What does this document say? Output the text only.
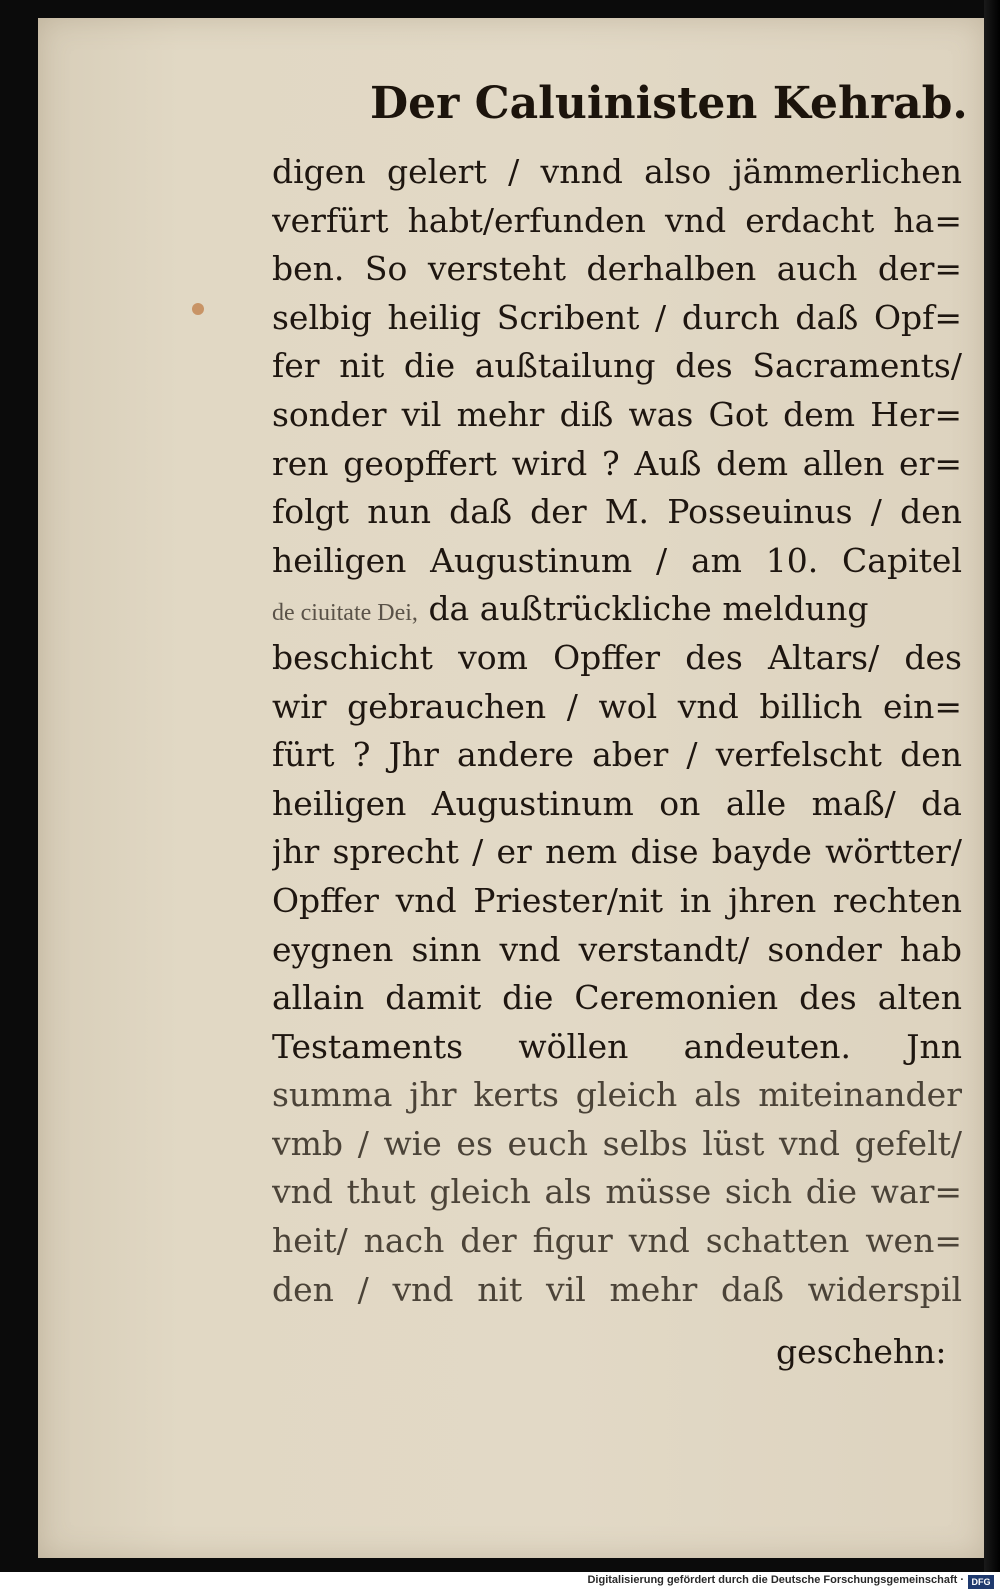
Der Caluinisten Kehrab.
digen gelert / vnnd also jämmerlichen
verfürt habt/erfunden vnd erdacht ha=
ben. So versteht derhalben auch der=
selbig heilig Scribent / durch daß Opf=
fer nit die außtailung des Sacraments/
sonder vil mehr diß was Got dem Her=
ren geopffert wird ? Auß dem allen er=
folgt nun daß der M. Posseuinus / den
heiligen Augustinum / am 10. Capitel
de ciuitate Dei, da außtrückliche meldung
beschicht vom Opffer des Altars/ des
wir gebrauchen / wol vnd billich ein=
fürt ? Jhr andere aber / verfelscht den
heiligen Augustinum on alle maß/ da
jhr sprecht / er nem dise bayde wörtter/
Opffer vnd Priester/nit in jhren rechten
eygnen sinn vnd verstandt/ sonder hab
allain damit die Ceremonien des alten
Testaments wöllen andeuten. Jnn
summa jhr kerts gleich als miteinander
vmb / wie es euch selbs lüst vnd gefelt/
vnd thut gleich als müsse sich die war=
heit/ nach der figur vnd schatten wen=
den / vnd nit vil mehr daß widerspil
geschehn:
Digitalisierung gefördert durch die Deutsche Forschungsgemeinschaft · DFG
